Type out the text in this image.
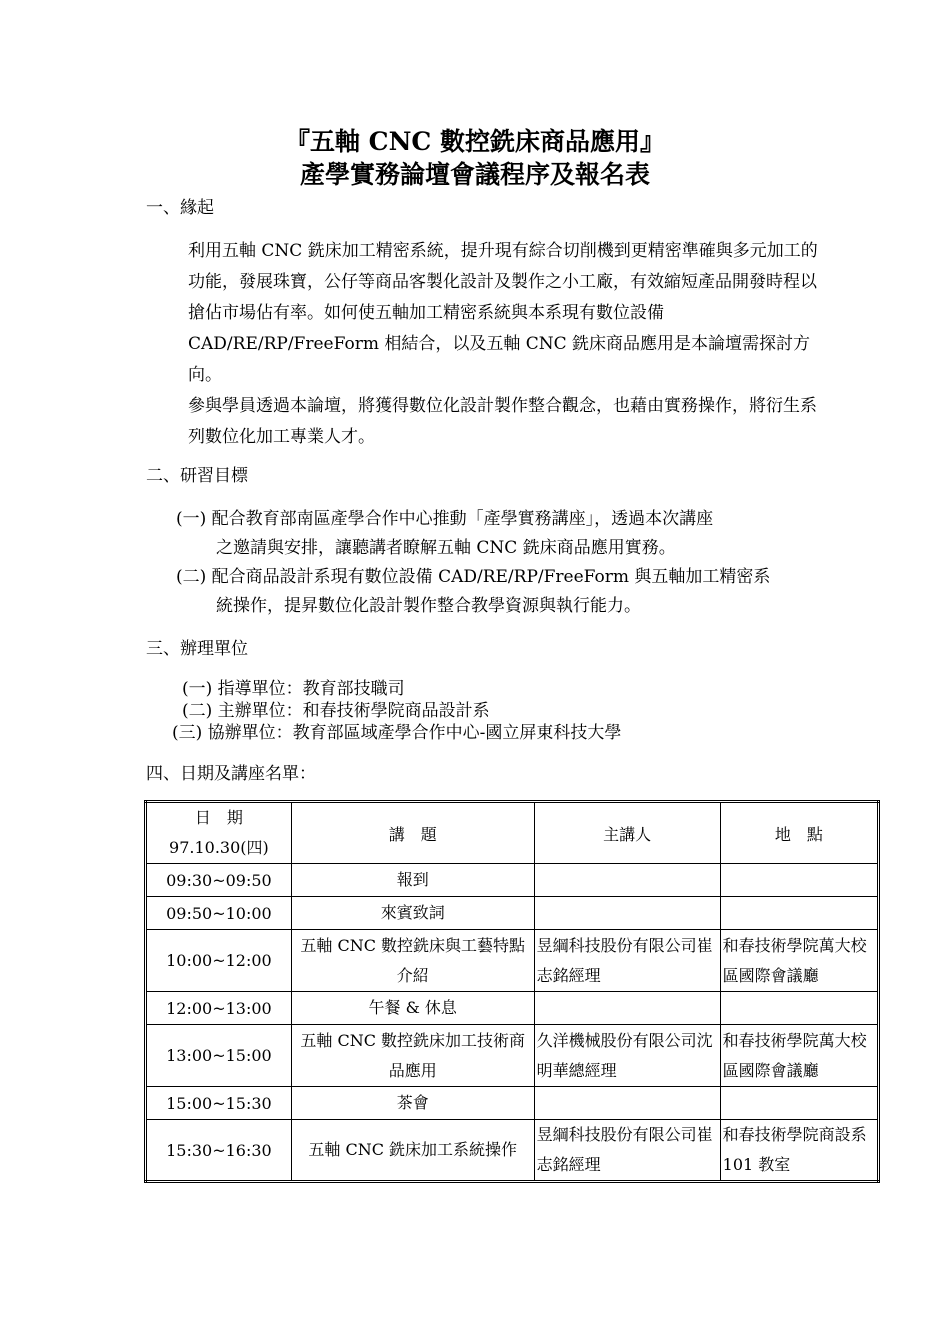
『五軸 CNC 數控銑床商品應用』
產學實務論壇會議程序及報名表

一、緣起

利用五軸 CNC 銑床加工精密系統，提升現有綜合切削機到更精密準確與多元加工的功能，發展珠寶，公仔等商品客製化設計及製作之小工廠，有效縮短產品開發時程以搶佔市場佔有率。如何使五軸加工精密系統與本系現有數位設備 CAD/RE/RP/FreeForm 相結合，以及五軸 CNC 銑床商品應用是本論壇需探討方向。

參與學員透過本論壇，將獲得數位化設計製作整合觀念，也藉由實務操作，將衍生系列數位化加工專業人才。

二、研習目標

(一) 配合教育部南區產學合作中心推動「產學實務講座」，透過本次講座

之邀請與安排，讓聽講者瞭解五軸 CNC 銑床商品應用實務。

(二) 配合商品設計系現有數位設備 CAD/RE/RP/FreeForm 與五軸加工精密系

統操作，提昇數位化設計製作整合教學資源與執行能力。

三、辦理單位

(一) 指導單位：教育部技職司

(二) 主辦單位：和春技術學院商品設計系

(三) 協辦單位：教育部區域產學合作中心-國立屏東科技大學

四、日期及講座名單：

日　期
97.10.30(四)	講　題	主講人	地　點
09:30~09:50	報到		
09:50~10:00	來賓致詞		
10:00~12:00	五軸 CNC 數控銑床與工藝特點介紹	昱綱科技股份有限公司崔志銘經理	和春技術學院萬大校區國際會議廳
12:00~13:00	午餐 & 休息		
13:00~15:00	五軸 CNC 數控銑床加工技術商品應用	久洋機械股份有限公司沈明華總經理	和春技術學院萬大校區國際會議廳
15:00~15:30	茶會		
15:30~16:30	五軸 CNC 銑床加工系統操作	昱綱科技股份有限公司崔志銘經理	和春技術學院商設系 101 教室
